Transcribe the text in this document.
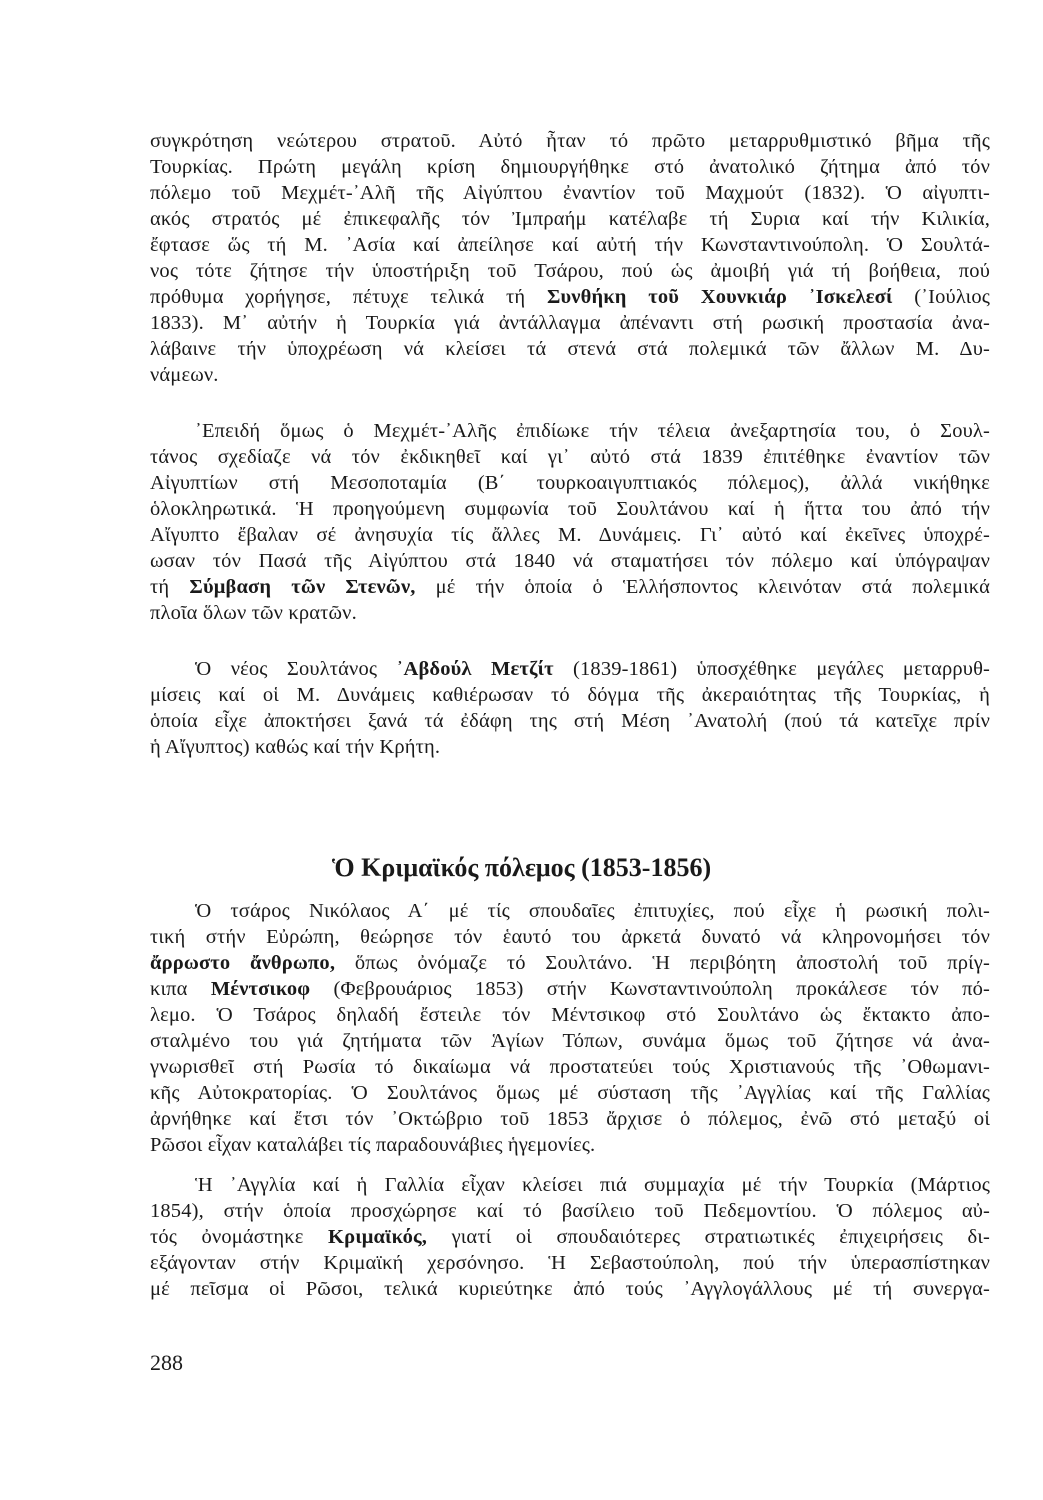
συγκρότηση νεώτερου στρατοῦ. Αὐτό ἦταν τό πρῶτο μεταρρυθμιστικό βῆμα τῆς
Τουρκίας. Πρώτη μεγάλη κρίση δημιουργήθηκε στό ἀνατολικό ζήτημα ἀπό τόν
πόλεμο τοῦ Μεχμέτ-᾿Αλῆ τῆς Αἰγύπτου ἐναντίον τοῦ Μαχμούτ (1832). Ὁ αἰγυπτι-
ακός στρατός μέ ἐπικεφαλῆς τόν Ἰμπραήμ κατέλαβε τή Συρια καί τήν Κιλικία,
ἔφτασε ὥς τή Μ. ᾿Ασία καί ἀπείλησε καί αὐτή τήν Κωνσταντινούπολη. Ὁ Σουλτά-
νος τότε ζήτησε τήν ὑποστήριξη τοῦ Τσάρου, πού ὡς ἀμοιβή γιά τή βοήθεια, πού
πρόθυμα χορήγησε, πέτυχε τελικά τή Συνθήκη τοῦ Χουνκιάρ ᾿Ισκελεσί (᾿Ιούλιος
1833). Μ᾿ αὐτήν ἡ Τουρκία γιά ἀντάλλαγμα ἀπέναντι στή ρωσική προστασία ἀνα-
λάβαινε τήν ὑποχρέωση νά κλείσει τά στενά στά πολεμικά τῶν ἄλλων Μ. Δυ-
νάμεων.
᾿Επειδή ὅμως ὁ Μεχμέτ-᾿Αλῆς ἐπιδίωκε τήν τέλεια ἀνεξαρτησία του, ὁ Σουλ-
τάνος σχεδίαζε νά τόν ἐκδικηθεῖ καί γι᾿ αὐτό στά 1839 ἐπιτέθηκε ἐναντίον τῶν
Αἰγυπτίων στή Μεσοποταμία (Β΄ τουρκοαιγυπτιακός πόλεμος), ἀλλά νικήθηκε
ὁλοκληρωτικά. Ἡ προηγούμενη συμφωνία τοῦ Σουλτάνου καί ἡ ἥττα του ἀπό τήν
Αἴγυπτο ἔβαλαν σέ ἀνησυχία τίς ἄλλες Μ. Δυνάμεις. Γι᾿ αὐτό καί ἐκεῖνες ὑποχρέ-
ωσαν τόν Πασά τῆς Αἰγύπτου στά 1840 νά σταματήσει τόν πόλεμο καί ὑπόγραψαν
τή Σύμβαση τῶν Στενῶν, μέ τήν ὁποία ὁ Ἑλλήσποντος κλεινόταν στά πολεμικά
πλοῖα ὅλων τῶν κρατῶν.
Ὁ νέος Σουλτάνος ᾿Αβδούλ Μετζίτ (1839-1861) ὑποσχέθηκε μεγάλες μεταρρυθ-
μίσεις καί οἱ Μ. Δυνάμεις καθιέρωσαν τό δόγμα τῆς ἀκεραιότητας τῆς Τουρκίας, ἡ
ὁποία εἶχε ἀποκτήσει ξανά τά ἐδάφη της στή Μέση ᾿Ανατολή (πού τά κατεῖχε πρίν
ἡ Αἴγυπτος) καθώς καί τήν Κρήτη.
Ὁ Κριμαϊκός πόλεμος (1853-1856)
Ὁ τσάρος Νικόλαος Α΄ μέ τίς σπουδαῖες ἐπιτυχίες, πού εἶχε ἡ ρωσική πολι-
τική στήν Εὐρώπη, θεώρησε τόν ἑαυτό του ἀρκετά δυνατό νά κληρονομήσει τόν
ἄρρωστο ἄνθρωπο, ὅπως ὀνόμαζε τό Σουλτάνο. Ἡ περιβόητη ἀποστολή τοῦ πρίγ-
κιπα Μέντσικοφ (Φεβρουάριος 1853) στήν Κωνσταντινούπολη προκάλεσε τόν πό-
λεμο. Ὁ Τσάρος δηλαδή ἔστειλε τόν Μέντσικοφ στό Σουλτάνο ὡς ἔκτακτο ἀπο-
σταλμένο του γιά ζητήματα τῶν Ἁγίων Τόπων, συνάμα ὅμως τοῦ ζήτησε νά ἀνα-
γνωρισθεῖ στή Ρωσία τό δικαίωμα νά προστατεύει τούς Χριστιανούς τῆς ᾿Οθωμανι-
κῆς Αὐτοκρατορίας. Ὁ Σουλτάνος ὅμως μέ σύσταση τῆς ᾿Αγγλίας καί τῆς Γαλλίας
ἀρνήθηκε καί ἔτσι τόν ᾿Οκτώβριο τοῦ 1853 ἄρχισε ὁ πόλεμος, ἐνῶ στό μεταξύ οἱ
Ρῶσοι εἶχαν καταλάβει τίς παραδουνάβιες ἡγεμονίες.
Ἡ ᾿Αγγλία καί ἡ Γαλλία εἶχαν κλείσει πιά συμμαχία μέ τήν Τουρκία (Μάρτιος
1854), στήν ὁποία προσχώρησε καί τό βασίλειο τοῦ Πεδεμοντίου. Ὁ πόλεμος αὐ-
τός ὀνομάστηκε Κριμαϊκός, γιατί οἱ σπουδαιότερες στρατιωτικές ἐπιχειρήσεις δι-
εξάγονταν στήν Κριμαϊκή χερσόνησο. Ἡ Σεβαστούπολη, πού τήν ὑπερασπίστηκαν
μέ πεῖσμα οἱ Ρῶσοι, τελικά κυριεύτηκε ἀπό τούς ᾿Αγγλογάλλους μέ τή συνεργα-
288
